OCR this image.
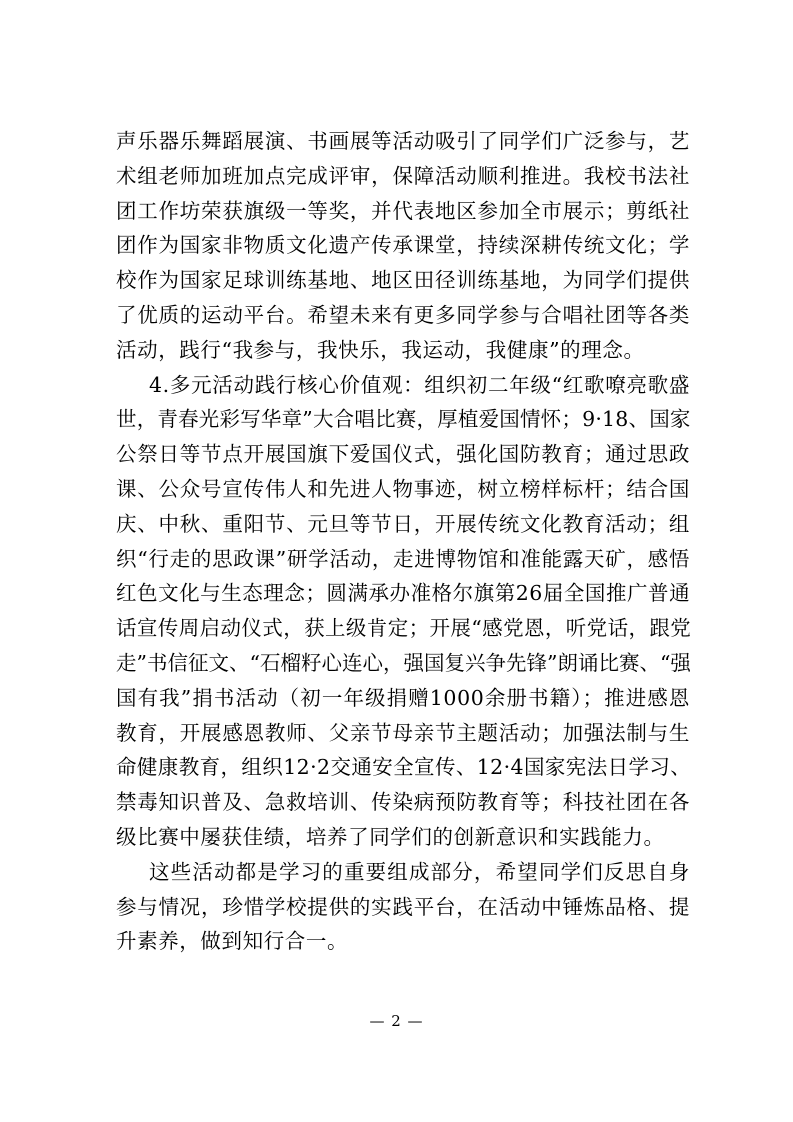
声乐器乐舞蹈展演、书画展等活动吸引了同学们广泛参与，艺
术组老师加班加点完成评审，保障活动顺利推进。我校书法社
团工作坊荣获旗级一等奖，并代表地区参加全市展示；剪纸社
团作为国家非物质文化遗产传承课堂，持续深耕传统文化；学
校作为国家足球训练基地、地区田径训练基地，为同学们提供
了优质的运动平台。希望未来有更多同学参与合唱社团等各类
活动，践行“我参与，我快乐，我运动，我健康”的理念。
4.多元活动践行核心价值观：组织初二年级“红歌嘹亮歌盛
世，青春光彩写华章”大合唱比赛，厚植爱国情怀；9·18、国家
公祭日等节点开展国旗下爱国仪式，强化国防教育；通过思政
课、公众号宣传伟人和先进人物事迹，树立榜样标杆；结合国
庆、中秋、重阳节、元旦等节日，开展传统文化教育活动；组
织“行走的思政课”研学活动，走进博物馆和准能露天矿，感悟
红色文化与生态理念；圆满承办准格尔旗第26届全国推广普通
话宣传周启动仪式，获上级肯定；开展“感党恩，听党话，跟党
走”书信征文、“石榴籽心连心，强国复兴争先锋”朗诵比赛、“强
国有我”捐书活动（初一年级捐赠1000余册书籍）；推进感恩
教育，开展感恩教师、父亲节母亲节主题活动；加强法制与生
命健康教育，组织12·2交通安全宣传、12·4国家宪法日学习、
禁毒知识普及、急救培训、传染病预防教育等；科技社团在各
级比赛中屡获佳绩，培养了同学们的创新意识和实践能力。
这些活动都是学习的重要组成部分，希望同学们反思自身
参与情况，珍惜学校提供的实践平台，在活动中锤炼品格、提
升素养，做到知行合一。
— 2 —
